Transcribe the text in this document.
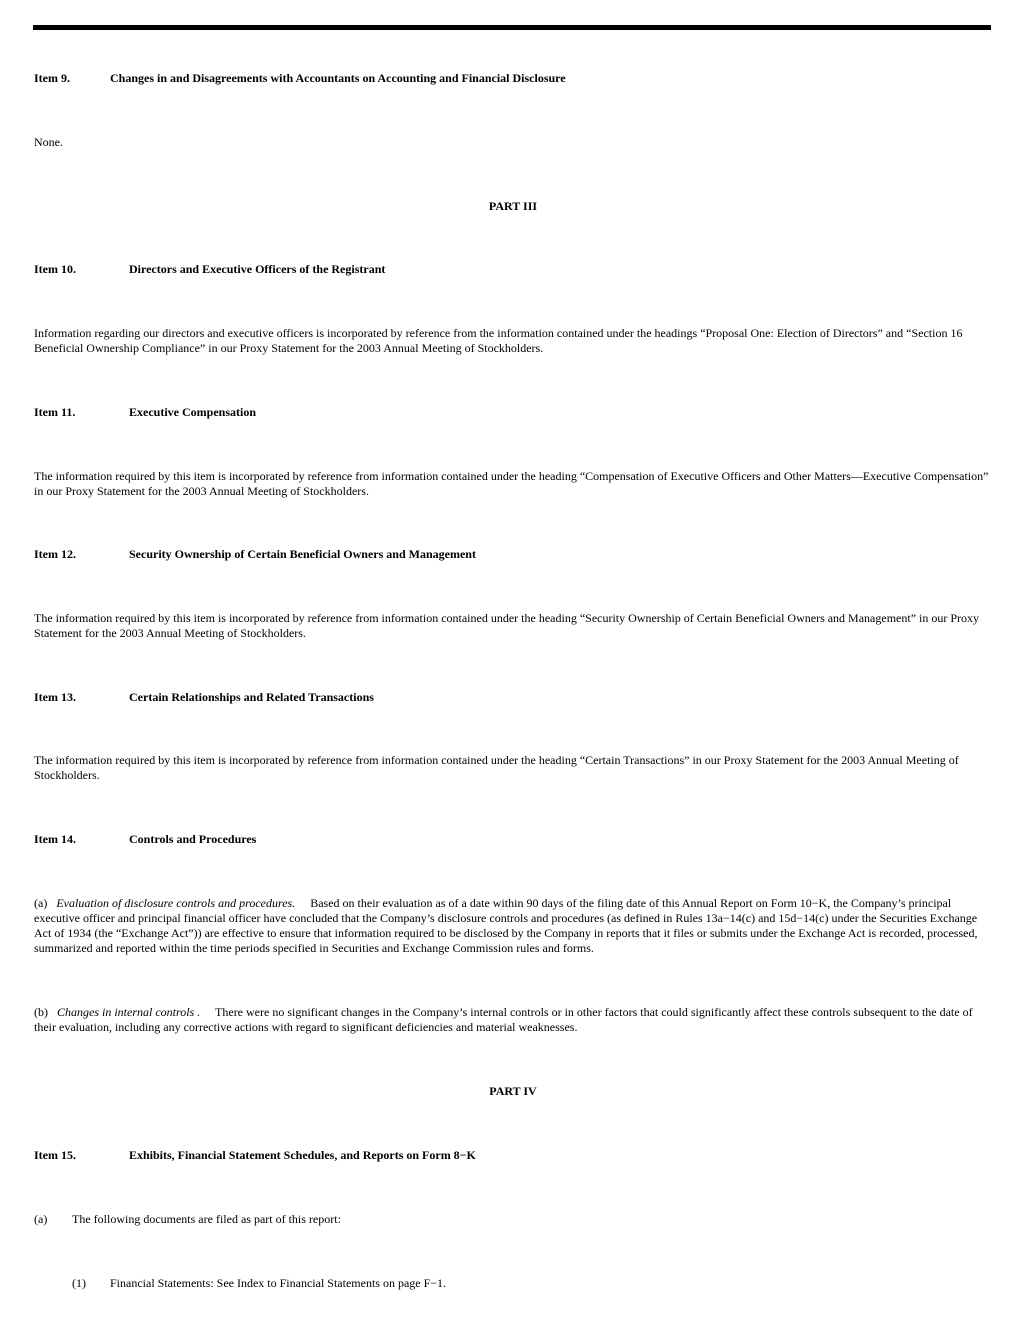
Item 9.	Changes in and Disagreements with Accountants on Accounting and Financial Disclosure
None.
PART III
Item 10.	Directors and Executive Officers of the Registrant
Information regarding our directors and executive officers is incorporated by reference from the information contained under the headings “Proposal One: Election of Directors” and “Section 16 Beneficial Ownership Compliance” in our Proxy Statement for the 2003 Annual Meeting of Stockholders.
Item 11.	Executive Compensation
The information required by this item is incorporated by reference from information contained under the heading “Compensation of Executive Officers and Other Matters—Executive Compensation” in our Proxy Statement for the 2003 Annual Meeting of Stockholders.
Item 12.	Security Ownership of Certain Beneficial Owners and Management
The information required by this item is incorporated by reference from information contained under the heading “Security Ownership of Certain Beneficial Owners and Management” in our Proxy Statement for the 2003 Annual Meeting of Stockholders.
Item 13.	Certain Relationships and Related Transactions
The information required by this item is incorporated by reference from information contained under the heading “Certain Transactions” in our Proxy Statement for the 2003 Annual Meeting of Stockholders.
Item 14.	Controls and Procedures
(a) Evaluation of disclosure controls and procedures. Based on their evaluation as of a date within 90 days of the filing date of this Annual Report on Form 10−K, the Company’s principal executive officer and principal financial officer have concluded that the Company’s disclosure controls and procedures (as defined in Rules 13a−14(c) and 15d−14(c) under the Securities Exchange Act of 1934 (the “Exchange Act”)) are effective to ensure that information required to be disclosed by the Company in reports that it files or submits under the Exchange Act is recorded, processed, summarized and reported within the time periods specified in Securities and Exchange Commission rules and forms.
(b) Changes in internal controls . There were no significant changes in the Company’s internal controls or in other factors that could significantly affect these controls subsequent to the date of their evaluation, including any corrective actions with regard to significant deficiencies and material weaknesses.
PART IV
Item 15.	Exhibits, Financial Statement Schedules, and Reports on Form 8−K
(a) The following documents are filed as part of this report:
(1) Financial Statements: See Index to Financial Statements on page F−1.
